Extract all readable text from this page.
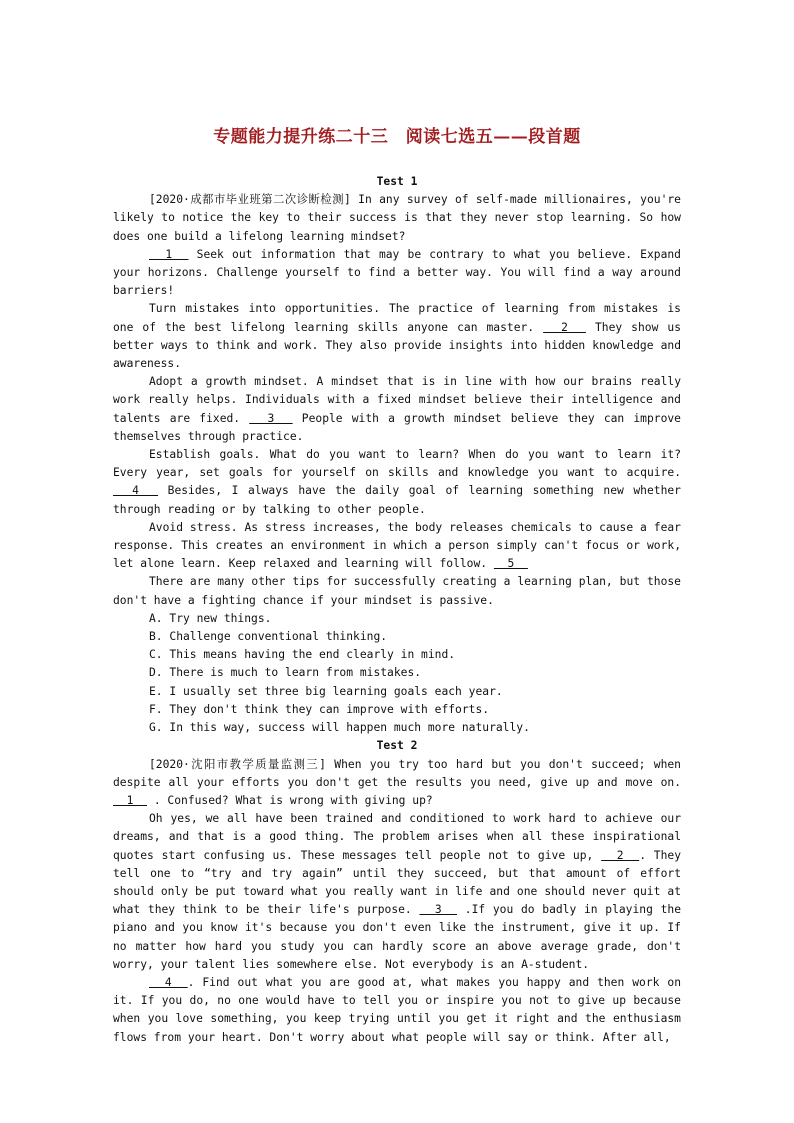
专题能力提升练二十三　阅读七选五——段首题

Test 1

[2020·成都市毕业班第二次诊断检测] In any survey of self-made millionaires, you're likely to notice the key to their success is that they never stop learning. So how does one build a lifelong learning mindset?

1   Seek out information that may be contrary to what you believe. Expand your horizons. Challenge yourself to find a better way. You will find a way around barriers!

Turn mistakes into opportunities. The practice of learning from mistakes is one of the best lifelong learning skills anyone can master.   2   They show us better ways to think and work. They also provide insights into hidden knowledge and awareness.

Adopt a growth mindset. A mindset that is in line with how our brains really work really helps. Individuals with a fixed mindset believe their intelligence and talents are fixed.   3   People with a growth mindset believe they can improve themselves through practice.

Establish goals. What do you want to learn? When do you want to learn it? Every year, set goals for yourself on skills and knowledge you want to acquire.   4   Besides, I always have the daily goal of learning something new whether through reading or by talking to other people.

Avoid stress. As stress increases, the body releases chemicals to cause a fear response. This creates an environment in which a person simply can't focus or work, let alone learn. Keep relaxed and learning will follow.   5

There are many other tips for successfully creating a learning plan, but those don't have a fighting chance if your mindset is passive.

A. Try new things.

B. Challenge conventional thinking.

C. This means having the end clearly in mind.

D. There is much to learn from mistakes.

E. I usually set three big learning goals each year.

F. They don't think they can improve with efforts.

G. In this way, success will happen much more naturally.

Test 2

[2020·沈阳市教学质量监测三] When you try too hard but you don't succeed; when despite all your efforts you don't get the results you need, give up and move on.   1   . Confused? What is wrong with giving up?

Oh yes, we all have been trained and conditioned to work hard to achieve our dreams, and that is a good thing. The problem arises when all these inspirational quotes start confusing us. These messages tell people not to give up,   2  . They tell one to “try and try again” until they succeed, but that amount of effort should only be put toward what you really want in life and one should never quit at what they think to be their life's purpose.   3   .If you do badly in playing the piano and you know it's because you don't even like the instrument, give it up. If no matter how hard you study you can hardly score an above average grade, don't worry, your talent lies somewhere else. Not everybody is an A-student.

4  . Find out what you are good at, what makes you happy and then work on it. If you do, no one would have to tell you or inspire you not to give up because when you love something, you keep trying until you get it right and the enthusiasm flows from your heart. Don't worry about what people will say or think. After all,
